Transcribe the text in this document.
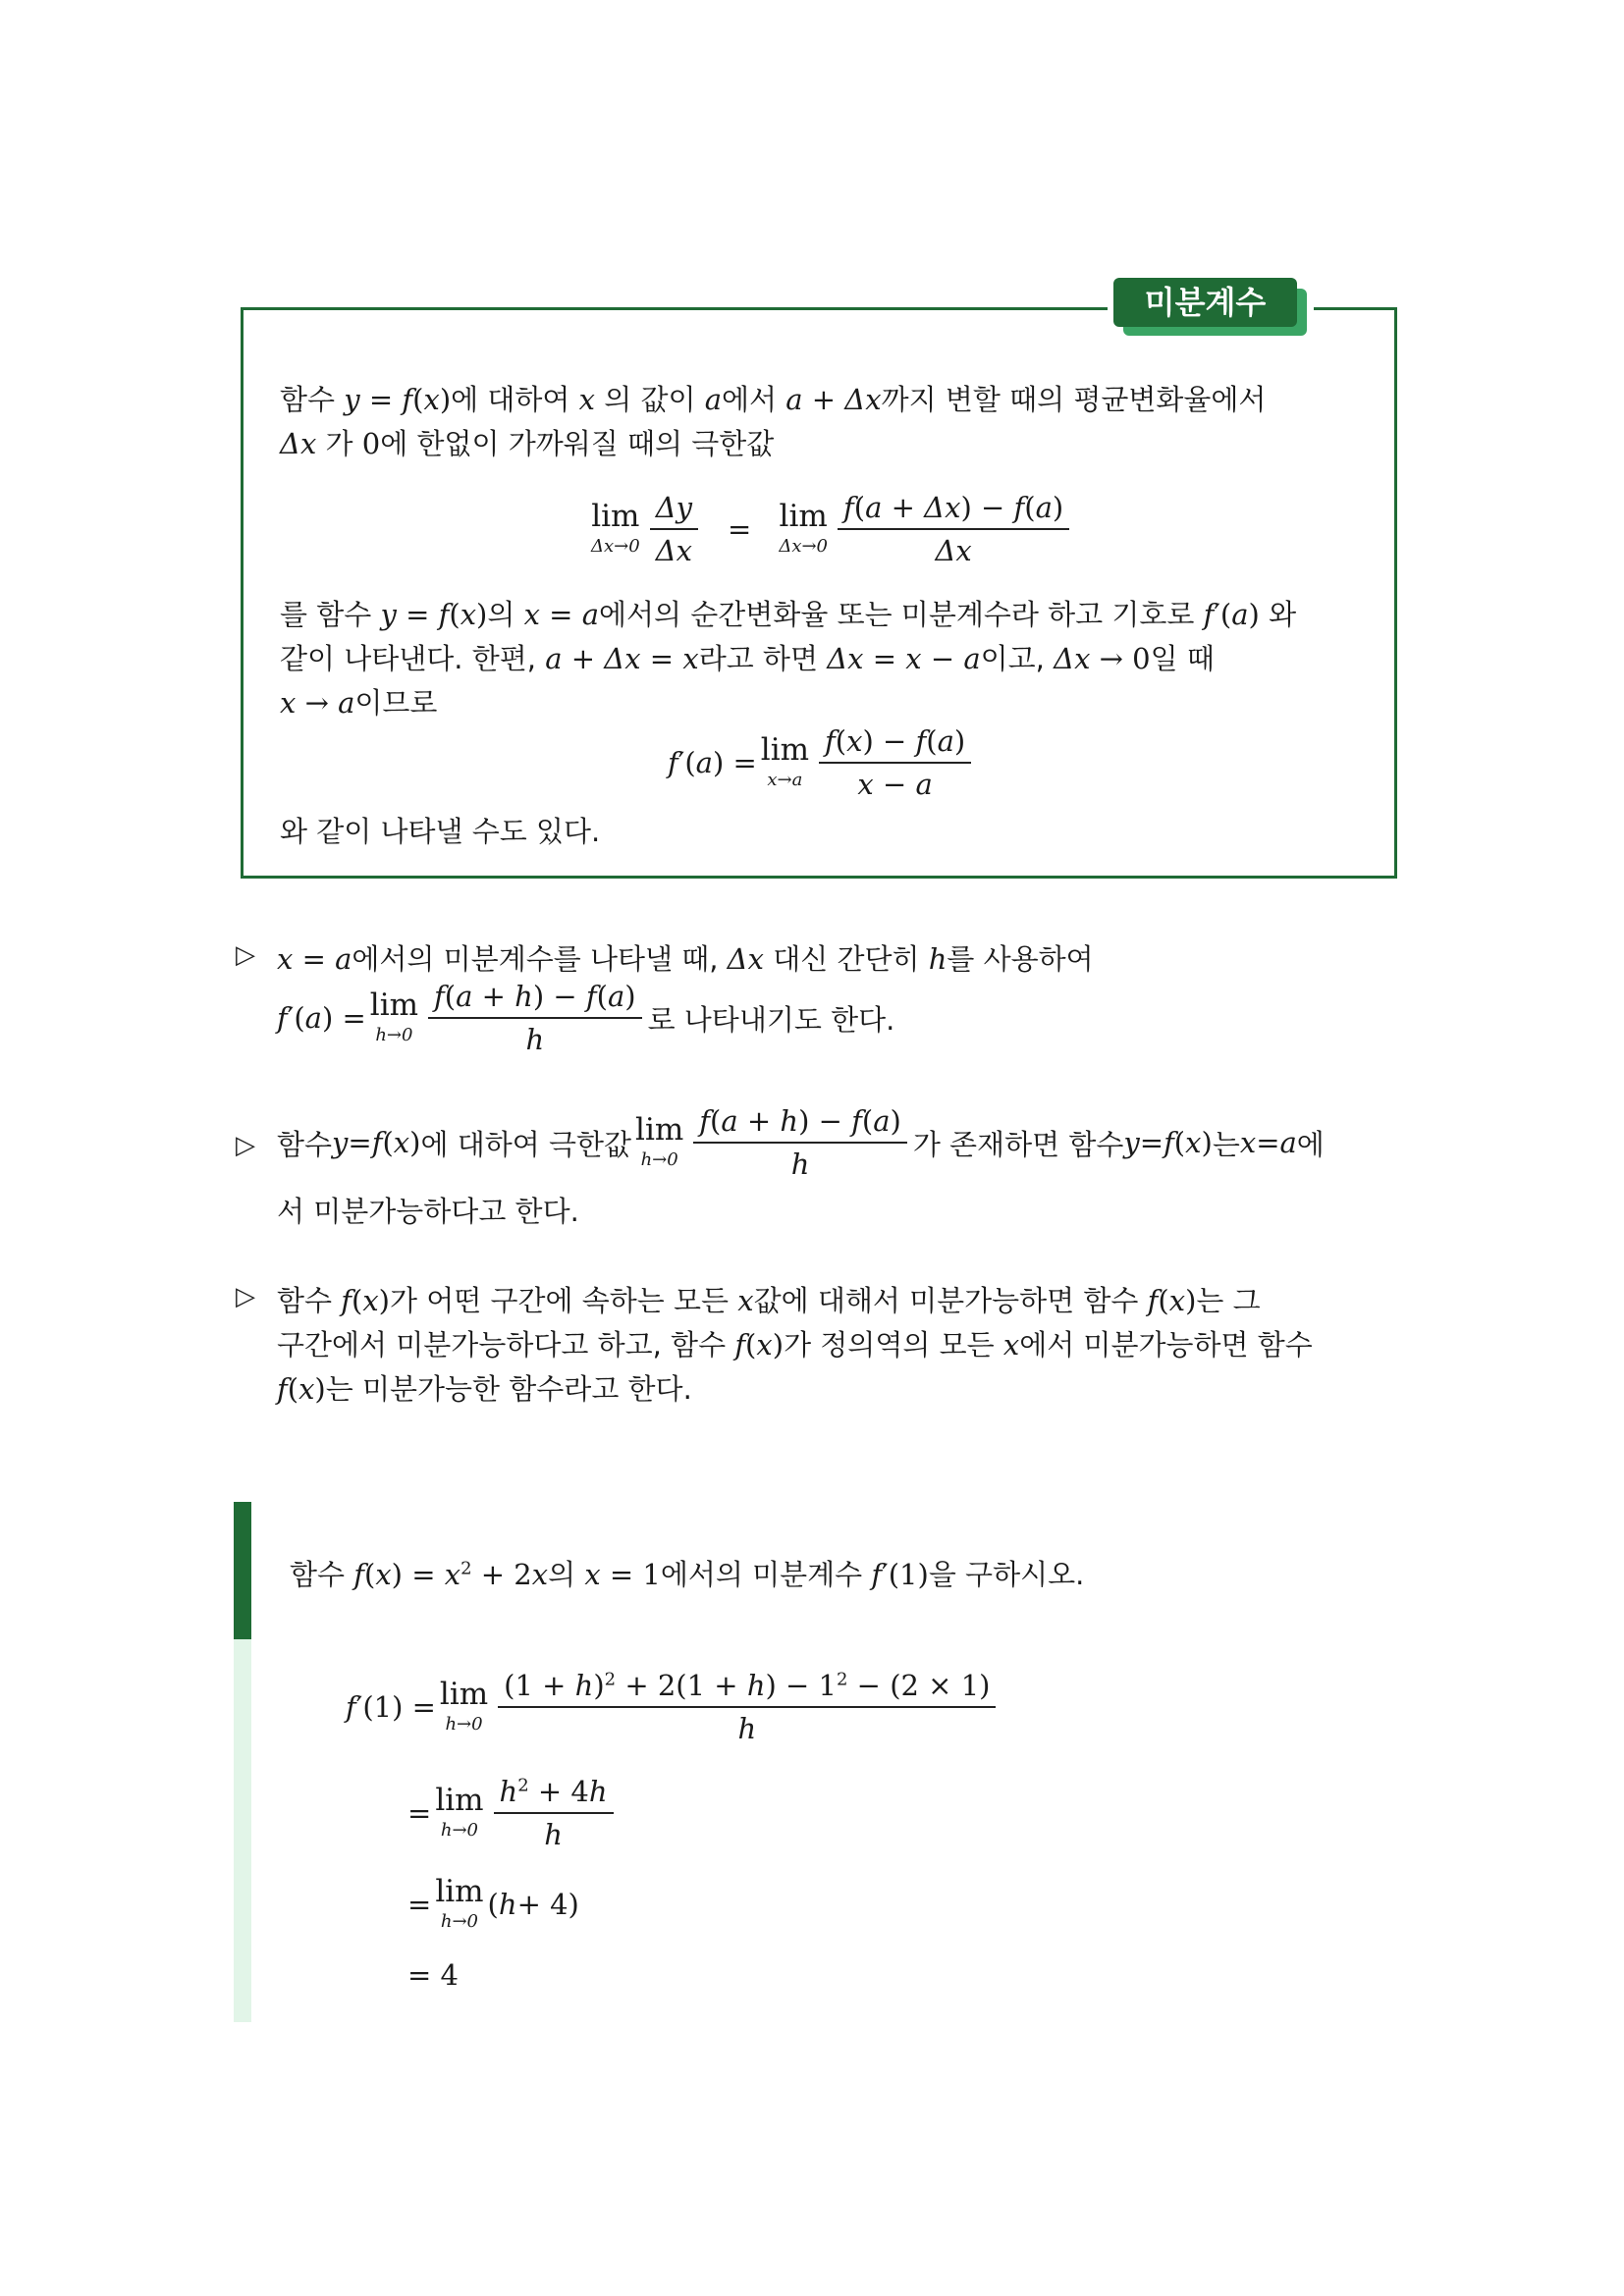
미분계수
함수 y = f(x)에 대하여 x 의 값이 a에서 a + Δx까지 변할 때의 평균변화율에서
Δx 가 0에 한없이 가까워질 때의 극한값
lim
$\Delta x\to 0 \frac{\Delta y}{\Delta x} = \lim$
$\Delta x\to 0 \frac{f(a + \Delta x) - f(a)}{\Delta x}$
를 함수 y = f(x)의 x = a에서의 순간변화율 또는 미분계수라 하고 기호로 f′(a) 와
같이 나타낸다. 한편, a + Δx = x라고 하면 Δx = x − a이고, Δx → 0일 때
x → a이므로
f ′( a ) = lim
$x\to a \frac{f(x) - f(a)}{x - a}$
와 같이 나타낼 수도 있다.
▷ x = a에서의 미분계수를 나타낼 때, Δx 대신 간단히 h를 사용하여
f ′( a ) = lim
$h\to 0 \frac{f(a + h) - f(a)}{h}$ 로 나타내기도 한다.
▷ 함수 y = f ( x ) 에 대하여 극한값 lim
$h\to 0 \frac{f(a + h) - f(a)}{h}$ 가 존재하면 함수 y = f ( x ) 는 x = a 에
서 미분가능하다고 한다.
▷ 함수 f(x)가 어떤 구간에 속하는 모든 x값에 대해서 미분가능하면 함수 f(x)는 그
구간에서 미분가능하다고 하고, 함수 f(x)가 정의역의 모든 x에서 미분가능하면 함수
f(x)는 미분가능한 함수라고 한다.
함수 $f(x) = x^2 + 2x$의 x = 1에서의 미분계수 f′(1)을 구하시오.
f ′(1) = lim
$h\to 0 \frac{(1 + h)^2 + 2(1 + h) - 1^2 - (2 \times 1)}{h}$
= lim
$h\to 0 \frac{h^2 + 4h}{h}$
= lim
h→0
( h + 4)
= 4
